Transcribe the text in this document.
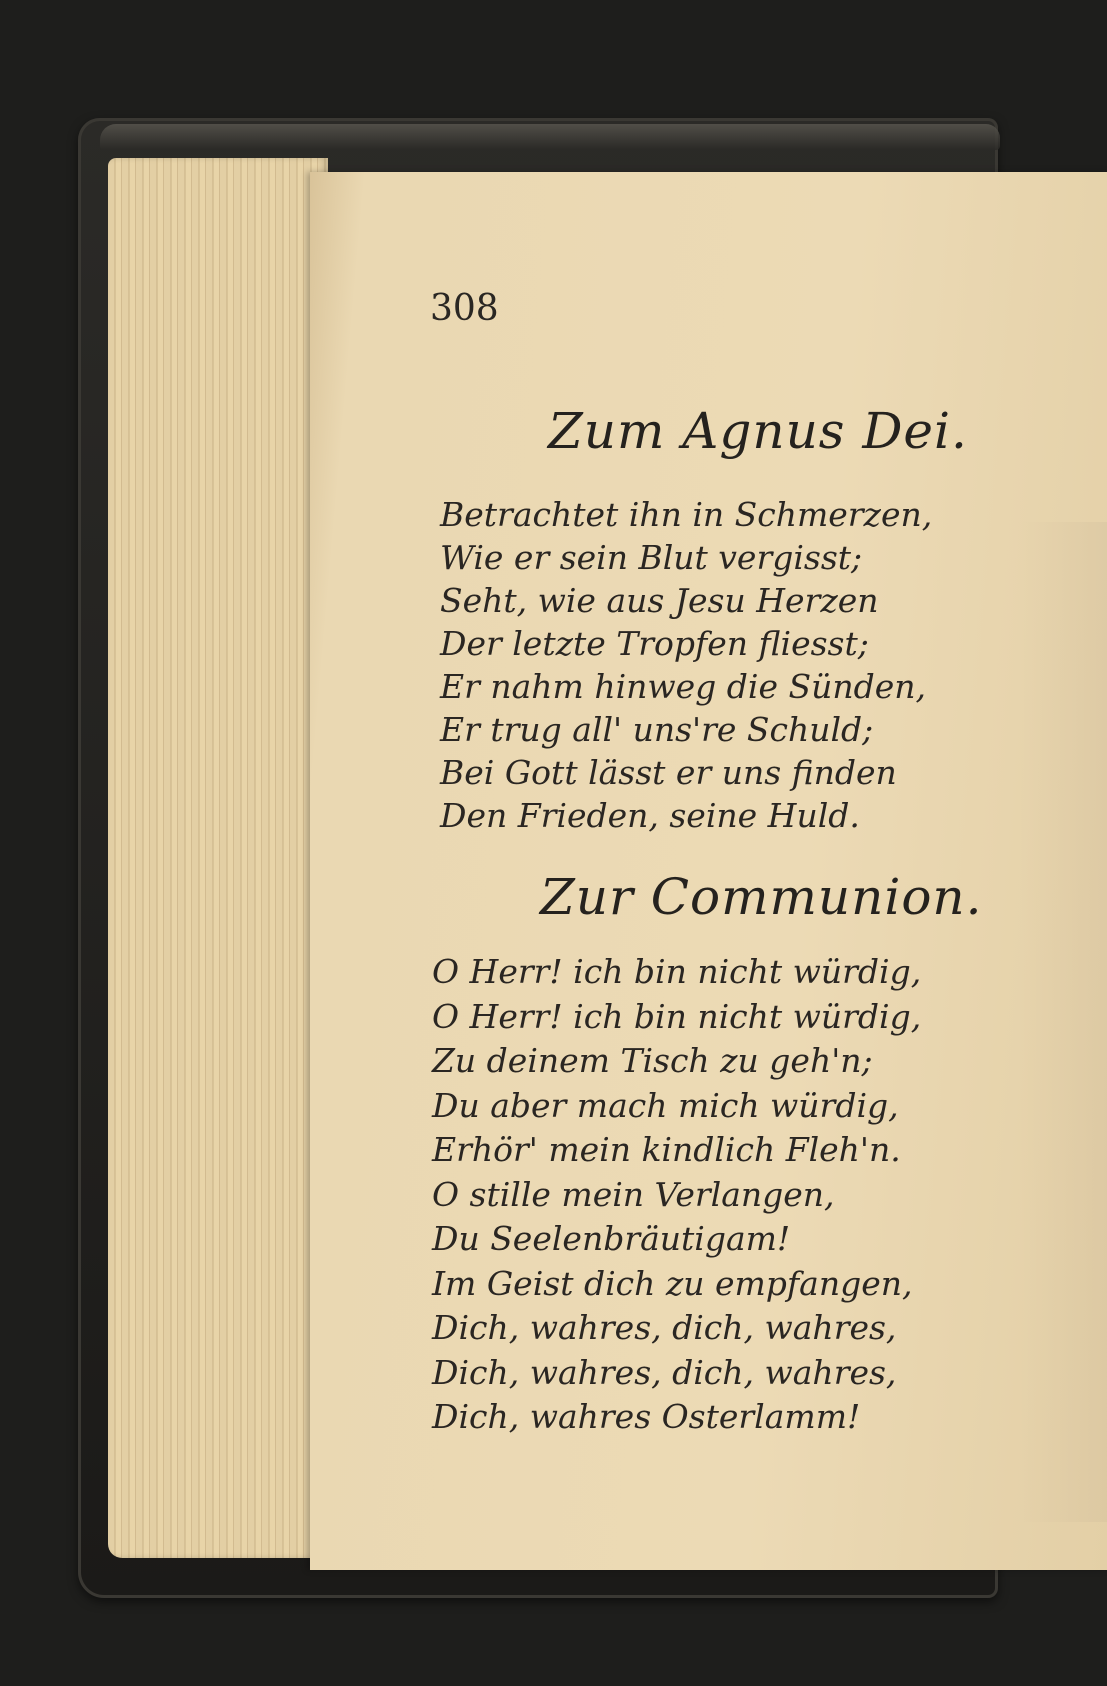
308
Zum Agnus Dei.
Betrachtet ihn in Schmerzen,
Wie er sein Blut vergisst;
Seht, wie aus Jesu Herzen
Der letzte Tropfen fliesst;
Er nahm hinweg die Sünden,
Er trug all' uns're Schuld;
Bei Gott lässt er uns finden
Den Frieden, seine Huld.
Zur Communion.
O Herr! ich bin nicht würdig,
O Herr! ich bin nicht würdig,
Zu deinem Tisch zu geh'n;
Du aber mach mich würdig,
Erhör' mein kindlich Fleh'n.
O stille mein Verlangen,
Du Seelenbräutigam!
Im Geist dich zu empfangen,
Dich, wahres, dich, wahres,
Dich, wahres, dich, wahres,
Dich, wahres Osterlamm!
